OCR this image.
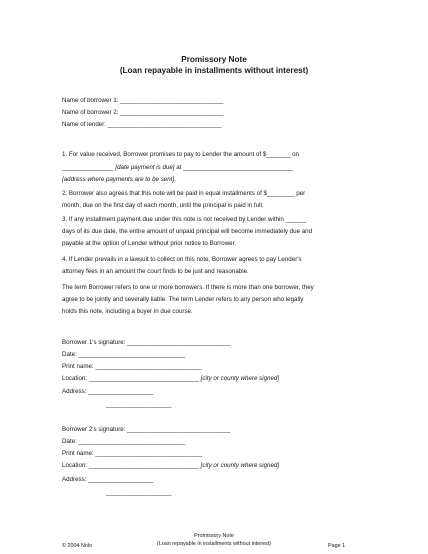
Promissory Note
(Loan repayable in installments without interest)
Name of borrower 1: ______________________________
Name of borrower 2: ______________________________
Name of lender: _________________________________
1. For value received, Borrower promises to pay to Lender the amount of $_______ on
_______________ [date payment is due] at ________________________________
[address where payments are to be sent].
2. Borrower also agrees that this note will be paid in equal installments of $________ per
month, due on the first day of each month, until the principal is paid in full.
3. If any installment payment due under this note is not received by Lender within ______
days of its due date, the entire amount of unpaid principal will become immediately due and
payable at the option of Lender without prior notice to Borrower.
4. If Lender prevails in a lawsuit to collect on this note, Borrower agrees to pay Lender's
attorney fees in an amount the court finds to be just and reasonable.
The term Borrower refers to one or more borrowers. If there is more than one borrower, they
agree to be jointly and severally liable. The term Lender refers to any person who legally
holds this note, including a buyer in due course.
Borrower 1's signature: ______________________________
Date: _______________________________
Print name: _______________________________
Location: ________________________________ [city or county where signed]
Address: ___________________
___________________
Borrower 2's signature: ______________________________
Date: _______________________________
Print name: _______________________________
Location: ________________________________ [city or county where signed]
Address: ___________________
___________________
Promissory Note
(Loan repayable in installments without interest)
© 2004 Nolo	Page 1
